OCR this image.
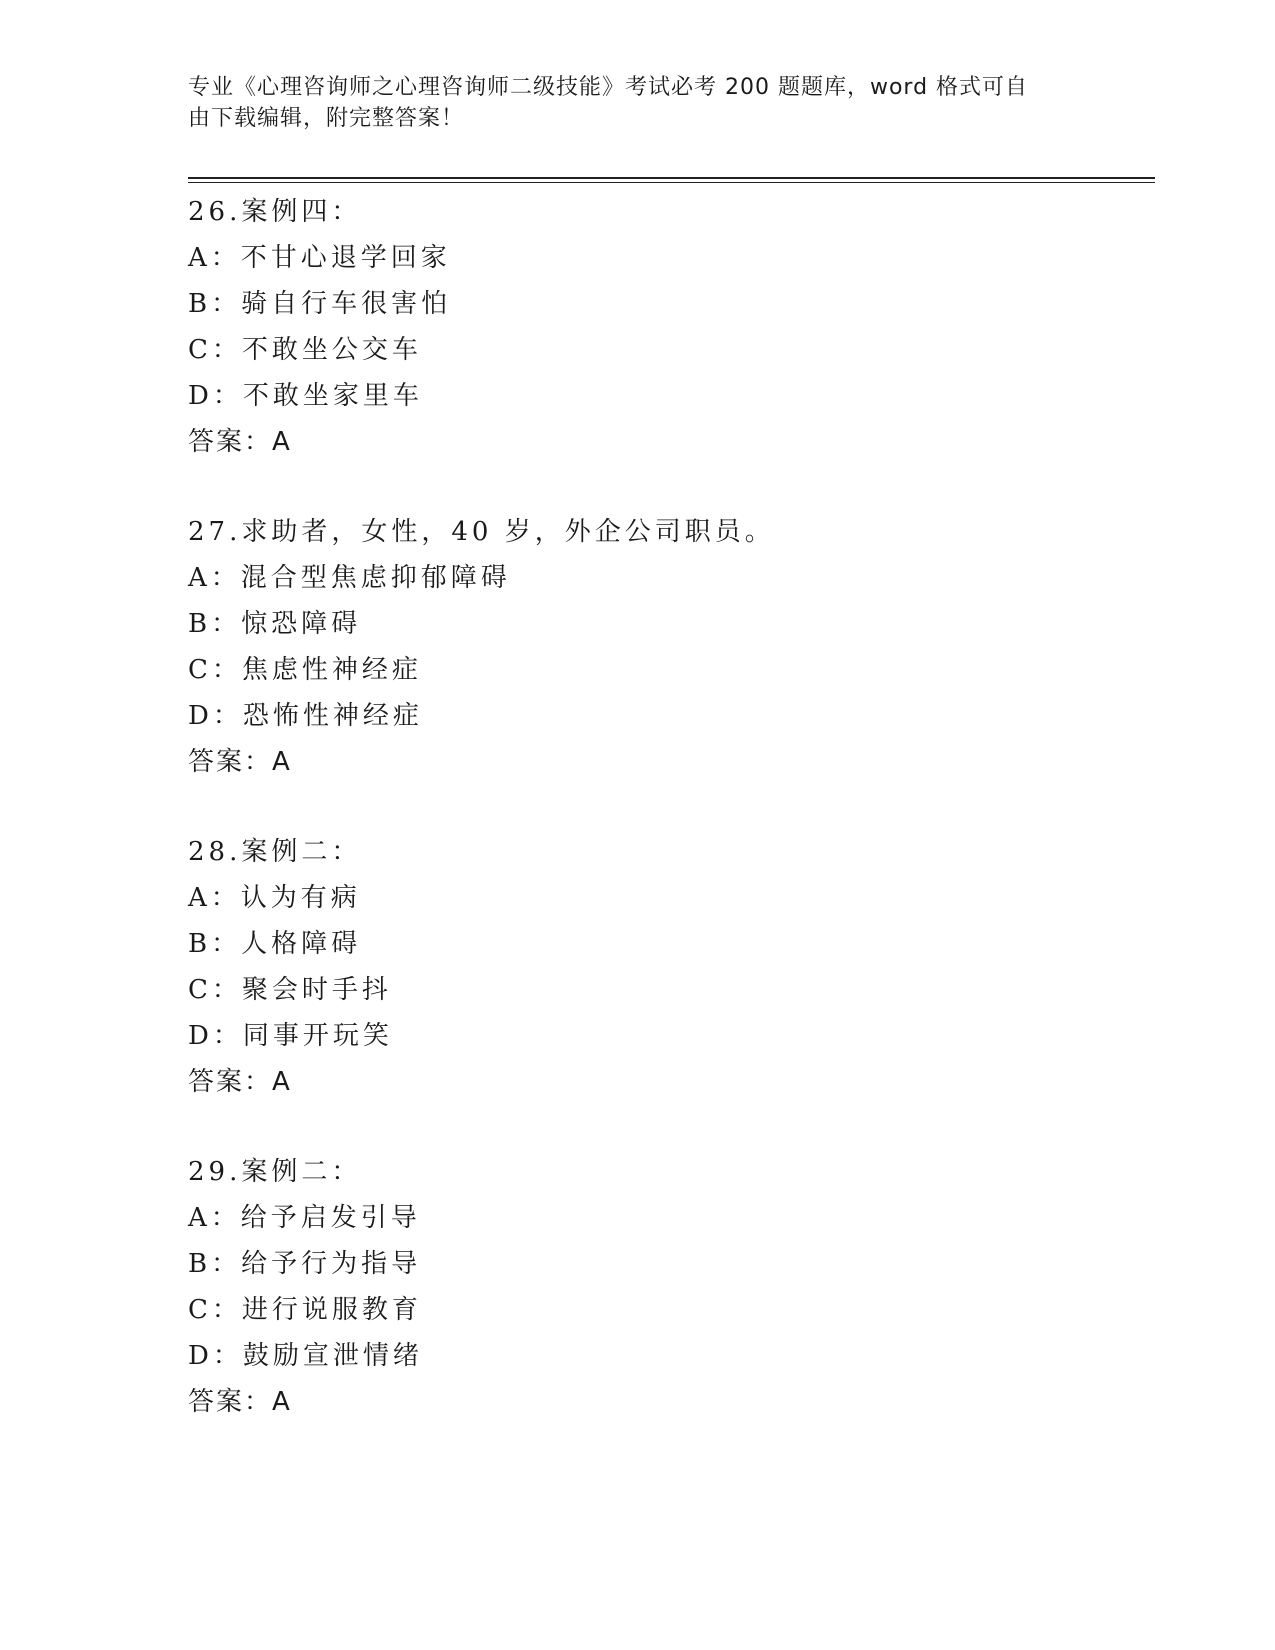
专业《心理咨询师之心理咨询师二级技能》考试必考 200 题题库，word 格式可自
由下载编辑，附完整答案！
26.案例四：
A：不甘心退学回家
B：骑自行车很害怕
C：不敢坐公交车
D：不敢坐家里车
答案：A
27.求助者，女性，40 岁，外企公司职员。
A：混合型焦虑抑郁障碍
B：惊恐障碍
C：焦虑性神经症
D：恐怖性神经症
答案：A
28.案例二：
A：认为有病
B：人格障碍
C：聚会时手抖
D：同事开玩笑
答案：A
29.案例二：
A：给予启发引导
B：给予行为指导
C：进行说服教育
D：鼓励宣泄情绪
答案：A
